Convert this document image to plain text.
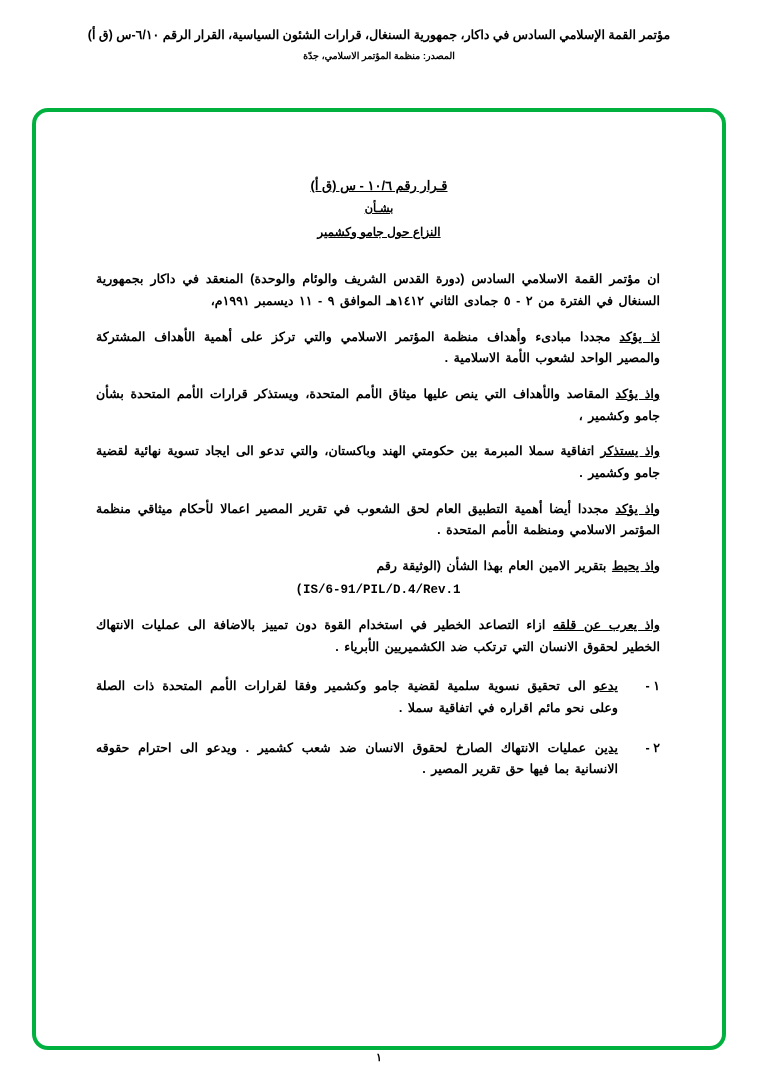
مؤتمر القمة الإسلامي السادس في داكار، جمهورية السنغال، قرارات الشئون السياسية، القرار الرقم ٦/١٠-س (ق أ)
المصدر: منظمة المؤتمر الاسلامي، جدّة
قـرار رقم ١٠/٦ - س (ق أ)
بشـأن
النزاع حول جامو وكشمير

ان مؤتمر القمة الاسلامي السادس (دورة القدس الشريف والوئام والوحدة) المنعقد في داكار بجمهورية السنغال في الفترة من ٢ - ٥ جمادى الثاني ١٤١٢هـ الموافق ٩ - ١١ ديسمبر ١٩٩١م،

اذ يؤكد مجددا مبادىء وأهداف منظمة المؤتمر الاسلامي والتي تركز على أهمية الأهداف المشتركة والمصير الواحد لشعوب الأمة الاسلامية .

واذ يؤكد المقاصد والأهداف التي ينص عليها ميثاق الأمم المتحدة، ويستذكر قرارات الأمم المتحدة بشأن جامو وكشمير ،

واذ يستذكر اتفاقية سملا المبرمة بين حكومتي الهند وباكستان، والتي تدعو الى ايجاد تسوية نهائية لقضية جامو وكشمير .

واذ يؤكد مجددا أيضا أهمية التطبيق العام لحق الشعوب في تقرير المصير اعمالا لأحكام ميثاقي منظمة المؤتمر الاسلامي ومنظمة الأمم المتحدة .

واذ يحيط بتقرير الامين العام بهذا الشأن (الوثيقة رقم

(IS/6-91/PIL/D.4/Rev.1

واذ يعرب عن قلقه ازاء التصاعد الخطير في استخدام القوة دون تمييز بالاضافة الى عمليات الانتهاك الخطير لحقوق الانسان التي ترتكب ضد الكشميريين الأبرياء .

١ -
يدعو الى تحقيق نسوية سلمية لقضية جامو وكشمير وفقا لقرارات الأمم المتحدة ذات الصلة وعلى نحو مائم اقراره في اتفاقية سملا .
٢ -
يدين عمليات الانتهاك الصارخ لحقوق الانسان ضد شعب كشمير . ويدعو الى احترام حقوقه الانسانية بما فيها حق تقرير المصير .
١
